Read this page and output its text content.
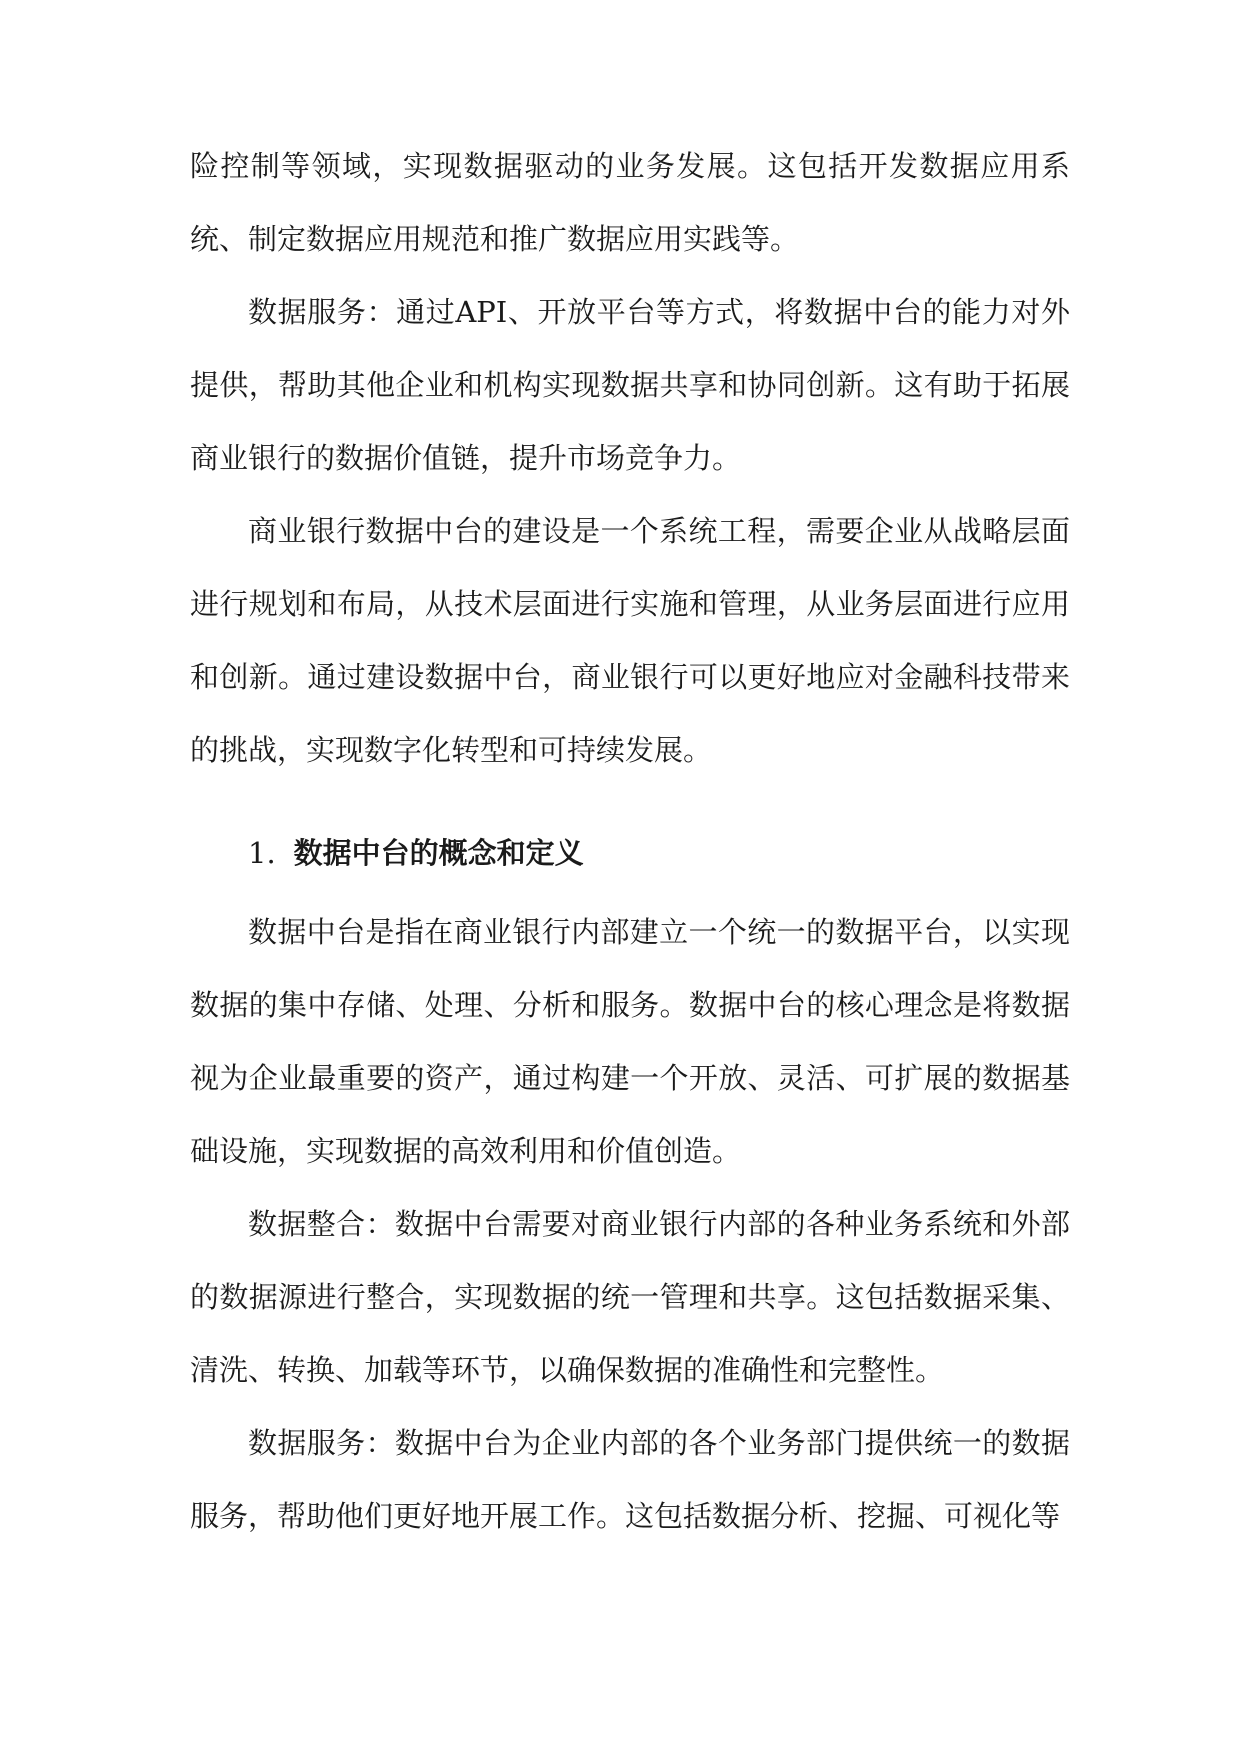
险控制等领域，实现数据驱动的业务发展。这包括开发数据应用系统、制定数据应用规范和推广数据应用实践等。

数据服务：通过API、开放平台等方式，将数据中台的能力对外提供，帮助其他企业和机构实现数据共享和协同创新。这有助于拓展商业银行的数据价值链，提升市场竞争力。

商业银行数据中台的建设是一个系统工程，需要企业从战略层面进行规划和布局，从技术层面进行实施和管理，从业务层面进行应用和创新。通过建设数据中台，商业银行可以更好地应对金融科技带来的挑战，实现数字化转型和可持续发展。

1. 数据中台的概念和定义

数据中台是指在商业银行内部建立一个统一的数据平台，以实现数据的集中存储、处理、分析和服务。数据中台的核心理念是将数据视为企业最重要的资产，通过构建一个开放、灵活、可扩展的数据基础设施，实现数据的高效利用和价值创造。

数据整合：数据中台需要对商业银行内部的各种业务系统和外部的数据源进行整合，实现数据的统一管理和共享。这包括数据采集、清洗、转换、加载等环节，以确保数据的准确性和完整性。

数据服务：数据中台为企业内部的各个业务部门提供统一的数据服务，帮助他们更好地开展工作。这包括数据分析、挖掘、可视化等
